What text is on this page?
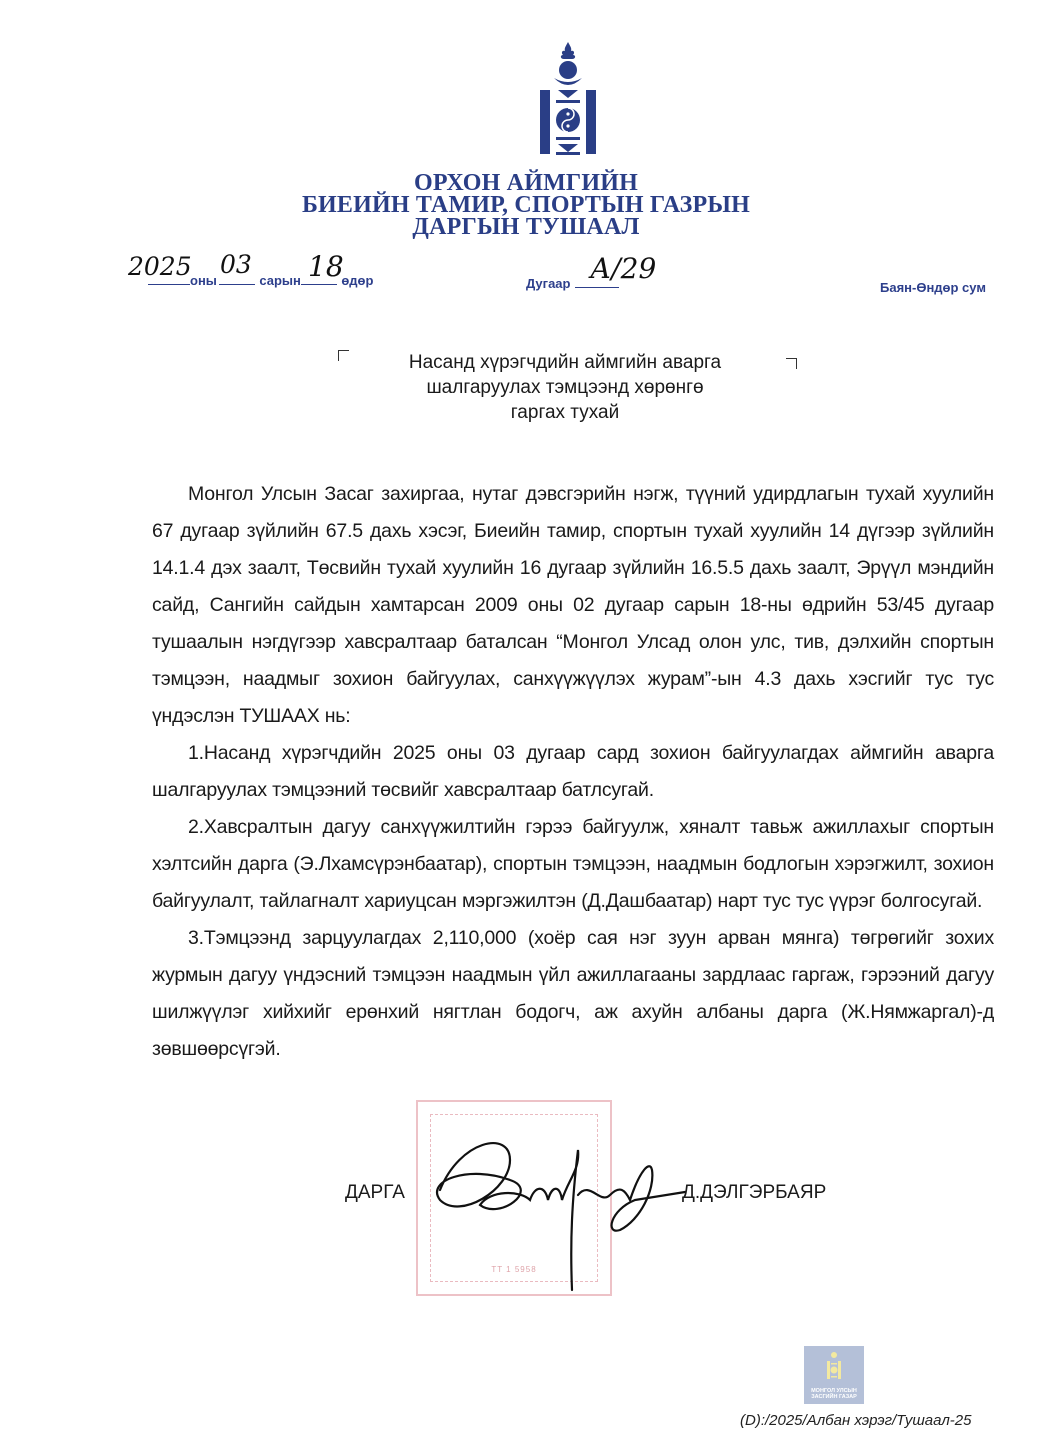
ОРХОН АЙМГИЙН
БИЕИЙН ТАМИР, СПОРТЫН ГАЗРЫН
ДАРГЫН ТУШААЛ
оны	сарын	өдөр
2025 03 18
Дугаар А/29
Баян-Өндөр сум
Насанд хүрэгчдийн аймгийн аварга
шалгаруулах тэмцээнд хөрөнгө
гаргах тухай

Монгол Улсын Засаг захиргаа, нутаг дэвсгэрийн нэгж, түүний удирдлагын тухай хуулийн 67 дугаар зүйлийн 67.5 дахь хэсэг, Биеийн тамир, спортын тухай хуулийн 14 дүгээр зүйлийн 14.1.4 дэх заалт, Төсвийн тухай хуулийн 16 дугаар зүйлийн 16.5.5 дахь заалт, Эрүүл мэндийн сайд, Сангийн сайдын хамтарсан 2009 оны 02 дугаар сарын 18-ны өдрийн 53/45 дугаар тушаалын нэгдүгээр хавсралтаар баталсан “Монгол Улсад олон улс, тив, дэлхийн спортын тэмцээн, наадмыг зохион байгуулах, санхүүжүүлэх журам”-ын 4.3 дахь хэсгийг тус тус үндэслэн ТУШААХ нь:

1.Насанд хүрэгчдийн 2025 оны 03 дугаар сард зохион байгуулагдах аймгийн аварга шалгаруулах тэмцээний төсвийг хавсралтаар батлсугай.

2.Хавсралтын дагуу санхүүжилтийн гэрээ байгуулж, хяналт тавьж ажиллахыг спортын хэлтсийн дарга (Э.Лхамсүрэнбаатар), спортын тэмцээн, наадмын бодлогын хэрэгжилт, зохион байгуулалт, тайлагналт хариуцсан мэргэжилтэн (Д.Дашбаатар) нарт тус тус үүрэг болгосугай.

3.Тэмцээнд зарцуулагдах 2,110,000 (хоёр сая нэг зуун арван мянга) төгрөгийг зохих журмын дагуу үндэсний тэмцээн наадмын үйл ажиллагааны зардлаас гаргаж, гэрээний дагуу шилжүүлэг хийхийг ерөнхий нягтлан бодогч, аж ахуйн албаны дарга (Ж.Нямжаргал)-д зөвшөөрсүгэй.

TT 1 5958
ДАРГА	Д.ДЭЛГЭРБАЯР
МОНГОЛ УЛСЫН
ЗАСГИЙН ГАЗАР
(D):/2025/Албан хэрэг/Тушаал-25
